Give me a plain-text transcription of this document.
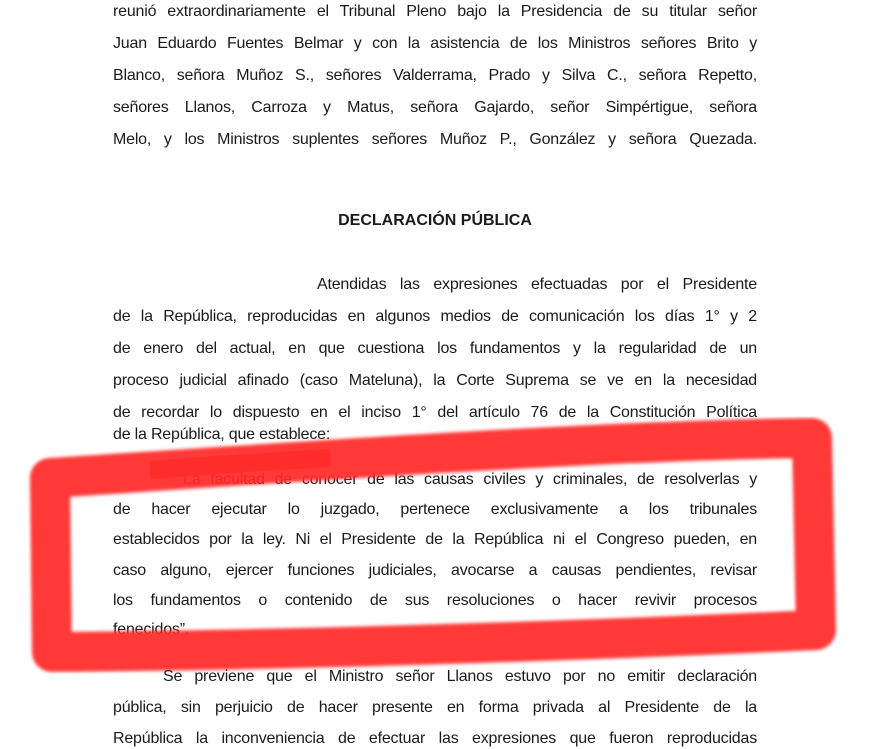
reunió extraordinariamente el Tribunal Pleno bajo la Presidencia de su titular señor
Juan Eduardo Fuentes Belmar y con la asistencia de los Ministros señores Brito y
Blanco, señora Muñoz S., señores Valderrama, Prado y Silva C., señora Repetto,
señores Llanos, Carroza y Matus, señora Gajardo, señor Simpértigue, señora
Melo, y los Ministros suplentes señores Muñoz P., González y señora Quezada.
DECLARACIÓN PÚBLICA
Atendidas las expresiones efectuadas por el Presidente
de la República, reproducidas en algunos medios de comunicación los días 1° y 2
de enero del actual, en que cuestiona los fundamentos y la regularidad de un
proceso judicial afinado (caso Mateluna), la Corte Suprema se ve en la necesidad
de recordar lo dispuesto en el inciso 1° del artículo 76 de la Constitución Política
de la República, que establece:
“La facultad de conocer de las causas civiles y criminales, de resolverlas y
de hacer ejecutar lo juzgado, pertenece exclusivamente a los tribunales
establecidos por la ley. Ni el Presidente de la República ni el Congreso pueden, en
caso alguno, ejercer funciones judiciales, avocarse a causas pendientes, revisar
los fundamentos o contenido de sus resoluciones o hacer revivir procesos
fenecidos”.
Se previene que el Ministro señor Llanos estuvo por no emitir declaración
pública, sin perjuicio de hacer presente en forma privada al Presidente de la
República la inconveniencia de efectuar las expresiones que fueron reproducidas
